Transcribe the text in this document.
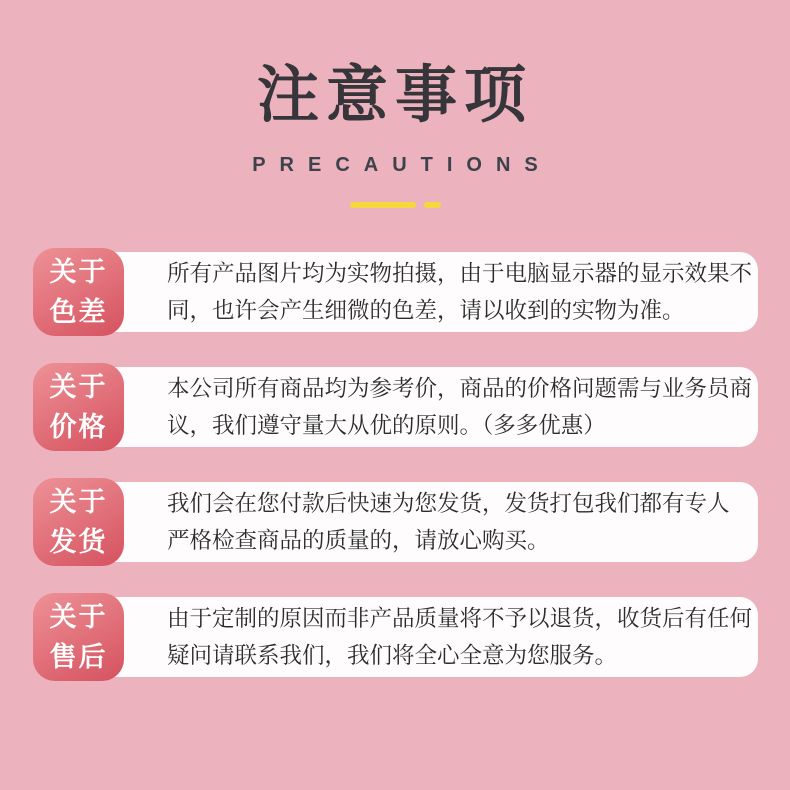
注意事项
PRECAUTIONS
所有产品图片均为实物拍摄，由于电脑显示器的显示效果不
同，也许会产生细微的色差，请以收到的实物为准。
关于
色差
本公司所有商品均为参考价，商品的价格问题需与业务员商
议，我们遵守量大从优的原则。（多多优惠）
关于
价格
我们会在您付款后快速为您发货，发货打包我们都有专人
严格检查商品的质量的，请放心购买。
关于
发货
由于定制的原因而非产品质量将不予以退货，收货后有任何
疑问请联系我们，我们将全心全意为您服务。
关于
售后
